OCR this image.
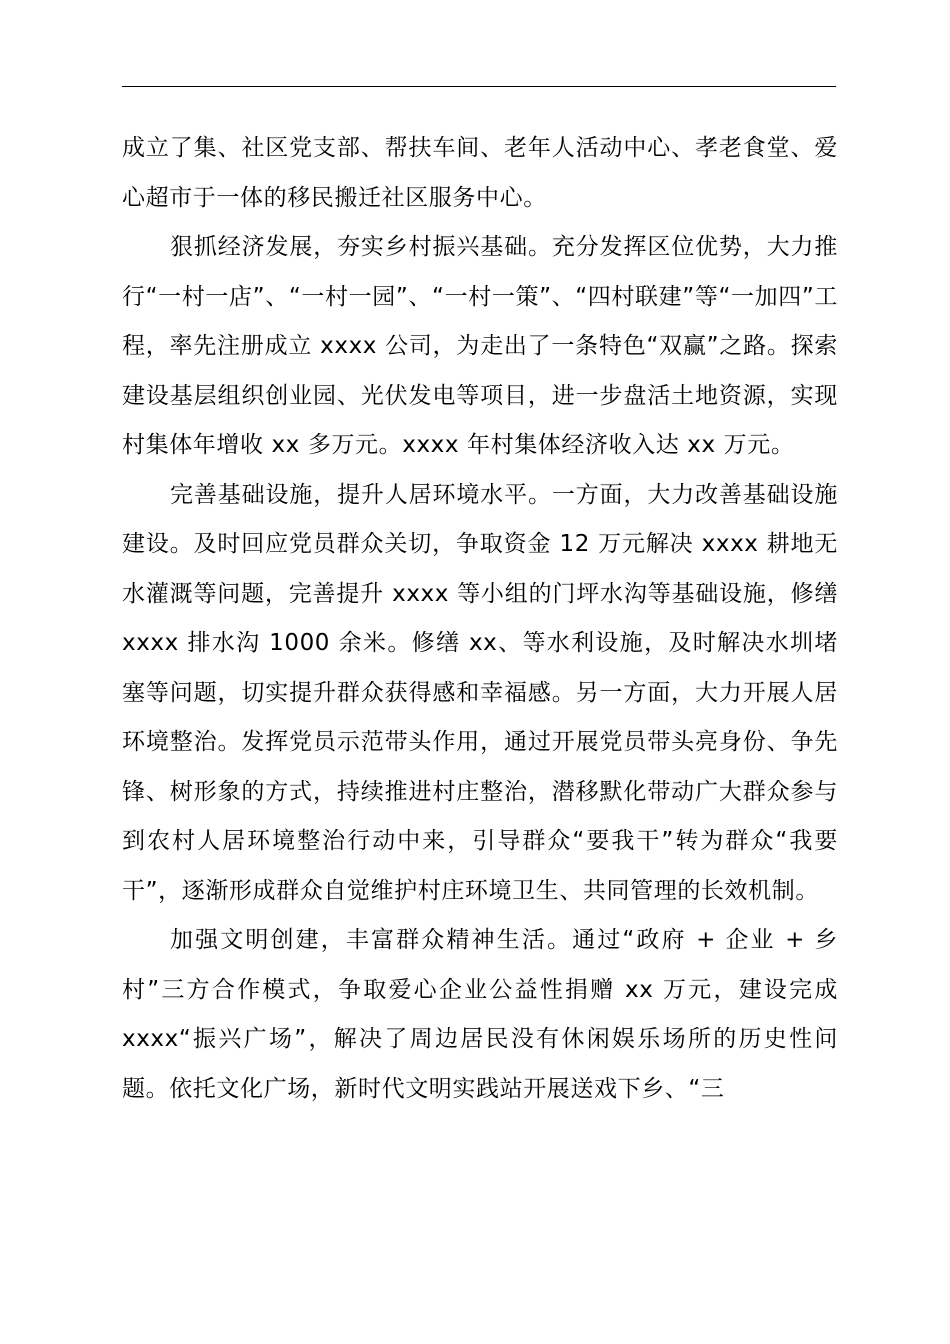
成立了集、社区党支部、帮扶车间、老年人活动中心、孝老食堂、爱心超市于一体的移民搬迁社区服务中心。

狠抓经济发展，夯实乡村振兴基础。充分发挥区位优势，大力推行“一村一店”、“一村一园”、“一村一策”、“四村联建”等“一加四”工程，率先注册成立 xxxx 公司，为走出了一条特色“双赢”之路。探索建设基层组织创业园、光伏发电等项目，进一步盘活土地资源，实现村集体年增收 xx 多万元。xxxx 年村集体经济收入达 xx 万元。

完善基础设施，提升人居环境水平。一方面，大力改善基础设施建设。及时回应党员群众关切，争取资金 12 万元解决 xxxx 耕地无水灌溉等问题，完善提升 xxxx 等小组的门坪水沟等基础设施，修缮 xxxx 排水沟 1000 余米。修缮 xx、等水利设施，及时解决水圳堵塞等问题，切实提升群众获得感和幸福感。另一方面，大力开展人居环境整治。发挥党员示范带头作用，通过开展党员带头亮身份、争先锋、树形象的方式，持续推进村庄整治，潜移默化带动广大群众参与到农村人居环境整治行动中来，引导群众“要我干”转为群众“我要干”，逐渐形成群众自觉维护村庄环境卫生、共同管理的长效机制。

加强文明创建，丰富群众精神生活。通过“政府 + 企业 + 乡村”三方合作模式，争取爱心企业公益性捐赠 xx 万元，建设完成 xxxx“振兴广场”，解决了周边居民没有休闲娱乐场所的历史性问题。依托文化广场，新时代文明实践站开展送戏下乡、“三
